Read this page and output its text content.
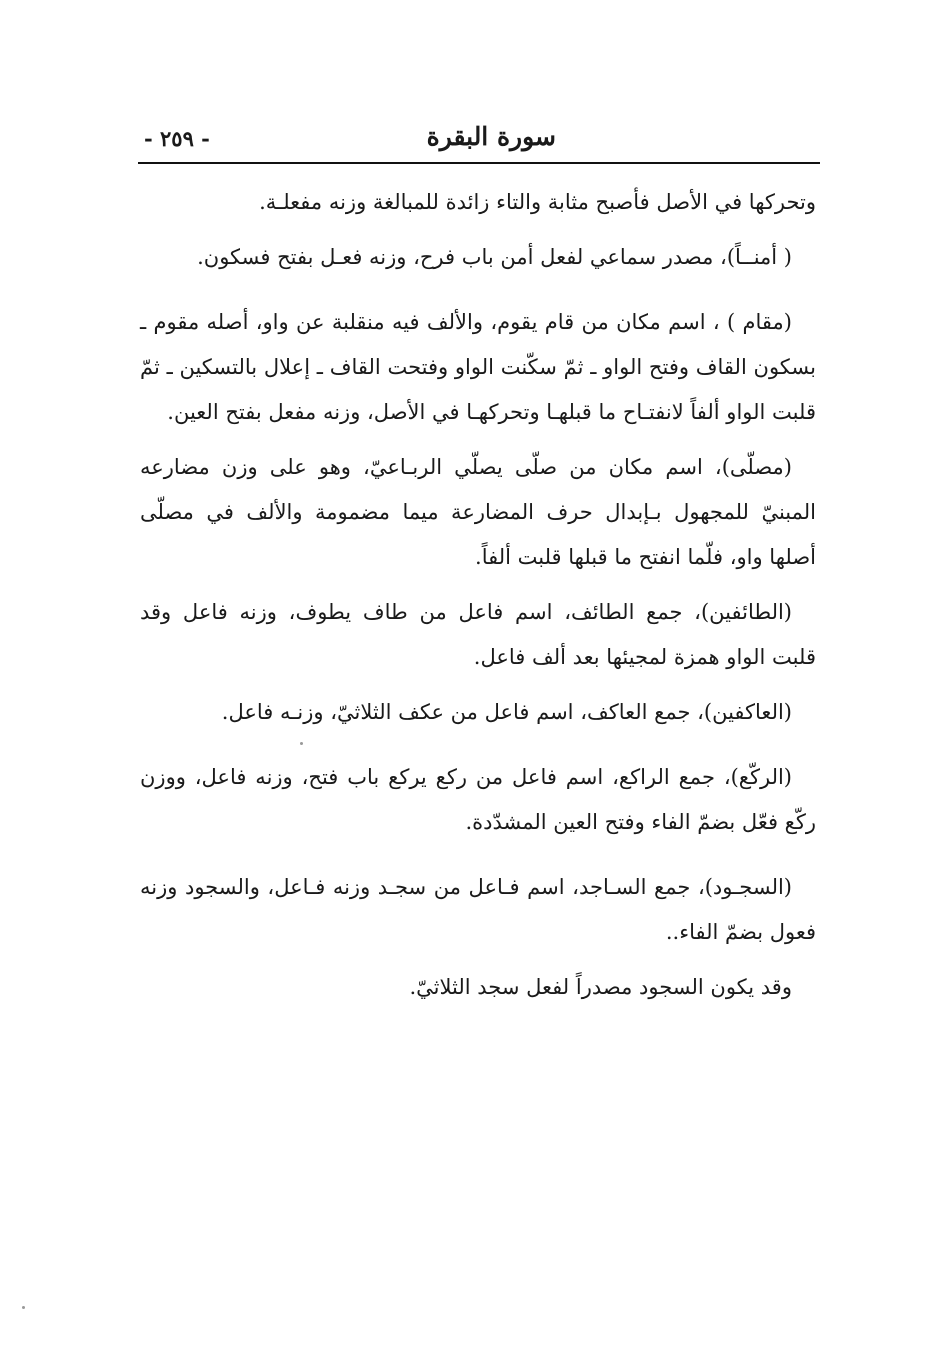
سورة البقرة
- ٢٥٩ -

وتحركها في الأصل فأصبح مثابة والتاء زائدة للمبالغة وزنه مفعلـة.

( أمنــاً)، مصدر سماعي لفعل أمن باب فرح، وزنه فعـل بفتح فسكون.

(مقام ) ، اسم مكان من قام يقوم، والألف فيه منقلبة عن واو، أصله مقوم ـ بسكون القاف وفتح الواو ـ ثمّ سكّنت الواو وفتحت القاف ـ إعلال بالتسكين ـ ثمّ قلبت الواو ألفاً لانفتـاح ما قبلهـا وتحركهـا في الأصل، وزنه مفعل بفتح العين.

(مصلّى)، اسم مكان من صلّى يصلّي الربـاعيّ، وهو على وزن مضارعه المبنيّ للمجهول بـإبدال حرف المضارعة ميما مضمومة والألف في مصلّى أصلها واو، فلّما انفتح ما قبلها قلبت ألفاً.

(الطائفين)، جمع الطائف، اسم فاعل من طاف يطوف، وزنه فاعل وقد قلبت الواو همزة لمجيئها بعد ألف فاعل.

(العاكفين)، جمع العاكف، اسم فاعل من عكف الثلاثيّ، وزنـه فاعل.

(الركّع)، جمع الراكع، اسم فاعل من ركع يركع باب فتح، وزنه فاعل، ووزن ركّع فعّل بضمّ الفاء وفتح العين المشدّدة.

(السجـود)، جمع السـاجد، اسم فـاعل من سجـد وزنه فـاعل، والسجود وزنه فعول بضمّ الفاء..

وقد يكون السجود مصدراً لفعل سجد الثلاثيّ.
